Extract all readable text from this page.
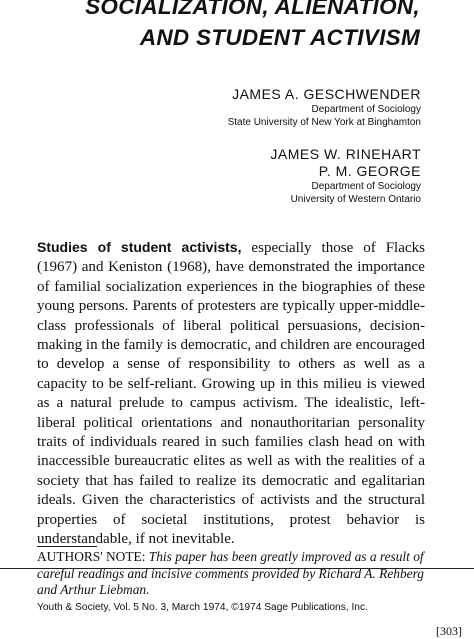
SOCIALIZATION, ALIENATION,
AND STUDENT ACTIVISM
JAMES A. GESCHWENDER
Department of Sociology
State University of New York at Binghamton
JAMES W. RINEHART
P. M. GEORGE
Department of Sociology
University of Western Ontario
Studies of student activists, especially those of Flacks (1967) and Keniston (1968), have demonstrated the importance of familial socialization experiences in the biographies of these young persons. Parents of protesters are typically upper-middle-class professionals of liberal political persuasions, decision-making in the family is democratic, and children are encouraged to develop a sense of responsibility to others as well as a capacity to be self-reliant. Growing up in this milieu is viewed as a natural prelude to campus activism. The idealistic, left-liberal political orientations and nonauthoritarian personality traits of individuals reared in such families clash head on with inaccessible bureaucratic elites as well as with the realities of a society that has failed to realize its democratic and egalitarian ideals. Given the characteristics of activists and the structural properties of societal institutions, protest behavior is understandable, if not inevitable.
AUTHORS' NOTE: This paper has been greatly improved as a result of careful readings and incisive comments provided by Richard A. Rehberg and Arthur Liebman.
Youth & Society, Vol. 5 No. 3, March 1974, ©1974 Sage Publications, Inc.
[303]
